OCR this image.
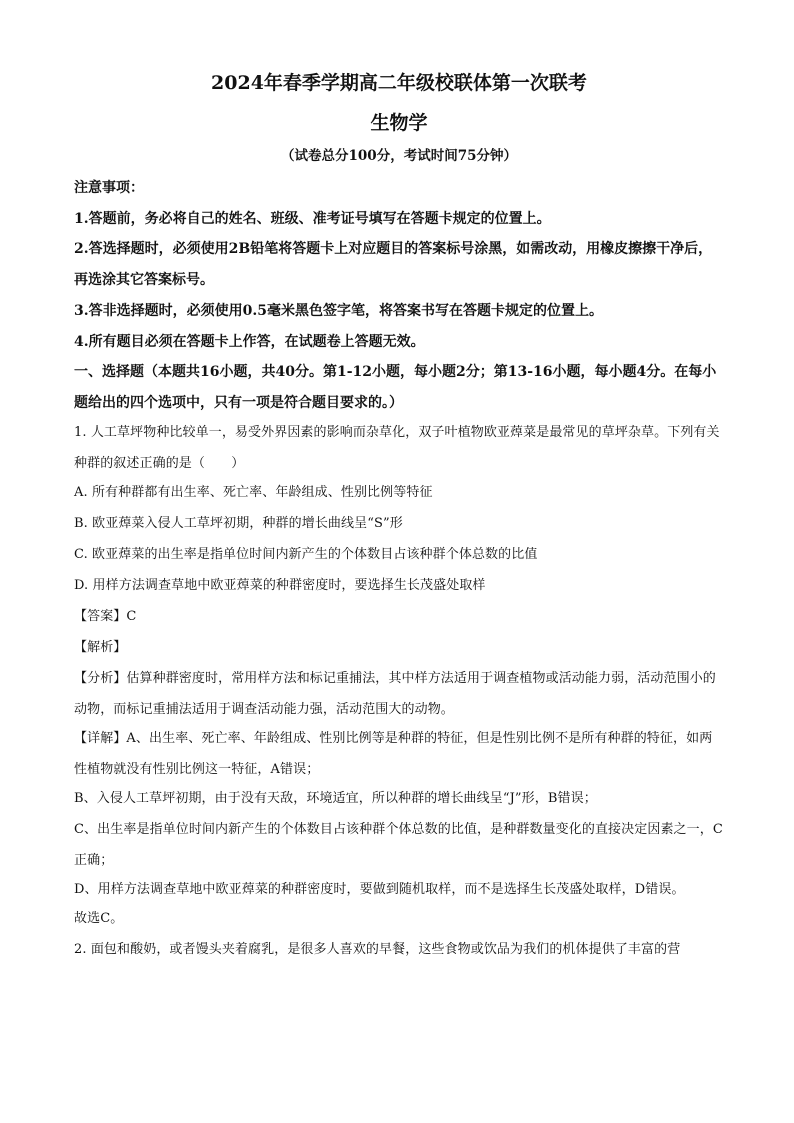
2024年春季学期高二年级校联体第一次联考
生物学
（试卷总分100分，考试时间75分钟）
注意事项：
1.答题前，务必将自己的姓名、班级、准考证号填写在答题卡规定的位置上。
2.答选择题时，必须使用2B铅笔将答题卡上对应题目的答案标号涂黑，如需改动，用橡皮擦擦干净后，再选涂其它答案标号。
3.答非选择题时，必须使用0.5毫米黑色签字笔，将答案书写在答题卡规定的位置上。
4.所有题目必须在答题卡上作答，在试题卷上答题无效。
一、选择题（本题共16小题，共40分。第1-12小题，每小题2分；第13-16小题，每小题4分。在每小题给出的四个选项中，只有一项是符合题目要求的。）
1. 人工草坪物种比较单一，易受外界因素的影响而杂草化，双子叶植物欧亚蔊菜是最常见的草坪杂草。下列有关种群的叙述正确的是（　　）
A. 所有种群都有出生率、死亡率、年龄组成、性别比例等特征
B. 欧亚蔊菜入侵人工草坪初期，种群的增长曲线呈“S”形
C. 欧亚蔊菜的出生率是指单位时间内新产生的个体数目占该种群个体总数的比值
D. 用样方法调查草地中欧亚蔊菜的种群密度时，要选择生长茂盛处取样
【答案】C
【解析】
【分析】估算种群密度时，常用样方法和标记重捕法，其中样方法适用于调查植物或活动能力弱，活动范围小的动物，而标记重捕法适用于调查活动能力强，活动范围大的动物。
【详解】A、出生率、死亡率、年龄组成、性别比例等是种群的特征，但是性别比例不是所有种群的特征，如两性植物就没有性别比例这一特征，A错误；
B、入侵人工草坪初期，由于没有天敌，环境适宜，所以种群的增长曲线呈“J”形，B错误；
C、出生率是指单位时间内新产生的个体数目占该种群个体总数的比值，是种群数量变化的直接决定因素之一，C正确；
D、用样方法调查草地中欧亚蔊菜的种群密度时，要做到随机取样，而不是选择生长茂盛处取样，D错误。
故选C。
2. 面包和酸奶，或者馒头夹着腐乳，是很多人喜欢的早餐，这些食物或饮品为我们的机体提供了丰富的营
